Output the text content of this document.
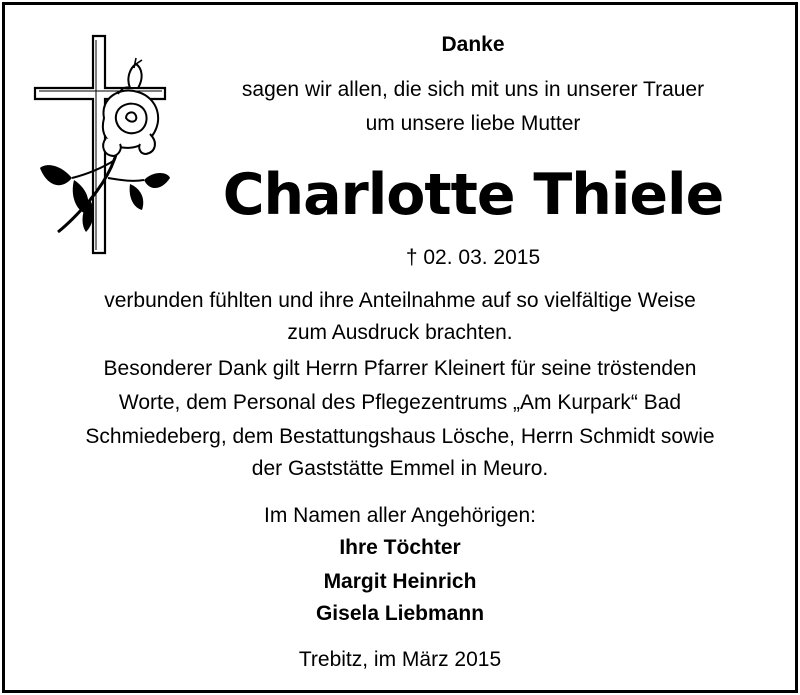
Danke
sagen wir allen, die sich mit uns in unserer Trauer
um unsere liebe Mutter
Charlotte Thiele
† 02. 03. 2015
verbunden fühlten und ihre Anteilnahme auf so vielfältige Weise
zum Ausdruck brachten.
Besonderer Dank gilt Herrn Pfarrer Kleinert für seine tröstenden
Worte, dem Personal des Pflegezentrums „Am Kurpark“ Bad
Schmiedeberg, dem Bestattungshaus Lösche, Herrn Schmidt sowie
der Gaststätte Emmel in Meuro.
Im Namen aller Angehörigen:
Ihre Töchter
Margit Heinrich
Gisela Liebmann
Trebitz, im März 2015
